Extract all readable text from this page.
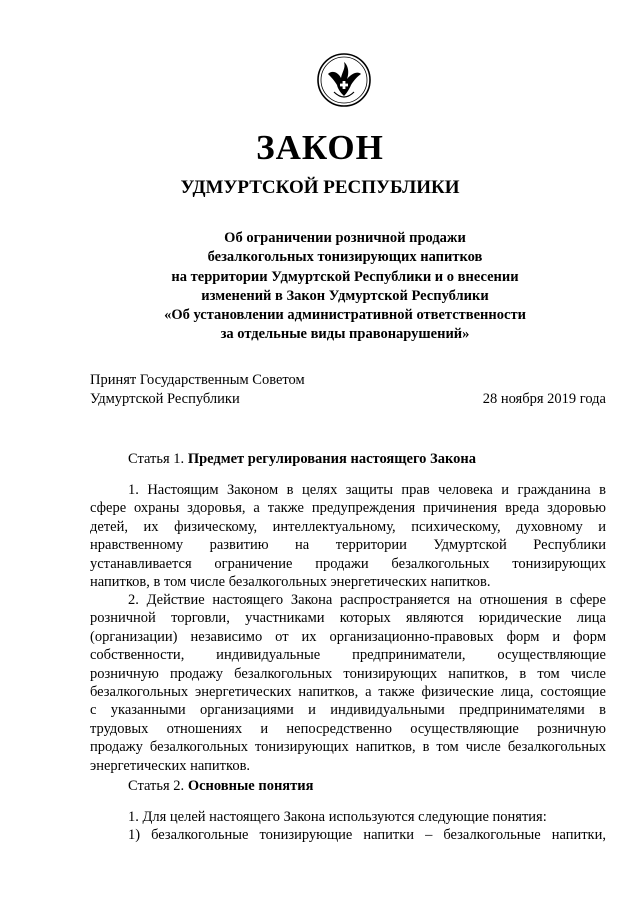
ЗАКОН
УДМУРТСКОЙ РЕСПУБЛИКИ
Об ограничении розничной продажи
безалкогольных тонизирующих напитков
на территории Удмуртской Республики и о внесении
изменений в Закон Удмуртской Республики
«Об установлении административной ответственности
за отдельные виды правонарушений»
Принят Государственным Советом
Удмуртской Республики	28 ноября 2019 года
Статья 1. Предмет регулирования настоящего Закона
1. Настоящим Законом в целях защиты прав человека и гражданина в
сфере охраны здоровья, а также предупреждения причинения вреда здоровью
детей, их физическому, интеллектуальному, психическому, духовному и
нравственному развитию на территории Удмуртской Республики
устанавливается ограничение продажи безалкогольных тонизирующих
напитков, в том числе безалкогольных энергетических напитков.
2. Действие настоящего Закона распространяется на отношения в сфере
розничной торговли, участниками которых являются юридические лица
(организации) независимо от их организационно-правовых форм и форм
собственности, индивидуальные предприниматели, осуществляющие
розничную продажу безалкогольных тонизирующих напитков, в том числе
безалкогольных энергетических напитков, а также физические лица, состоящие
с указанными организациями и индивидуальными предпринимателями в
трудовых отношениях и непосредственно осуществляющие розничную
продажу безалкогольных тонизирующих напитков, в том числе безалкогольных
энергетических напитков.
Статья 2. Основные понятия
1. Для целей настоящего Закона используются следующие понятия:
1) безалкогольные тонизирующие напитки – безалкогольные напитки,
